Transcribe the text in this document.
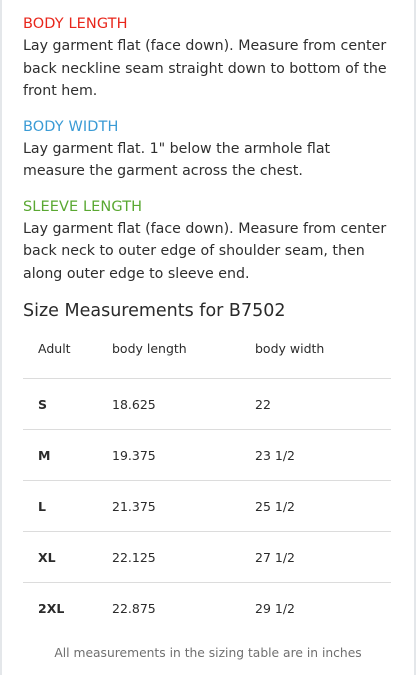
BODY LENGTH
Lay garment flat (face down). Measure from center back neckline seam straight down to bottom of the front hem.
BODY WIDTH
Lay garment flat. 1" below the armhole flat measure the garment across the chest.
SLEEVE LENGTH
Lay garment flat (face down). Measure from center back neck to outer edge of shoulder seam, then along outer edge to sleeve end.
Size Measurements for B7502
Adult	body length	body width
S	18.625	22
M	19.375	23 1/2
L	21.375	25 1/2
XL	22.125	27 1/2
2XL	22.875	29 1/2
All measurements in the sizing table are in inches
